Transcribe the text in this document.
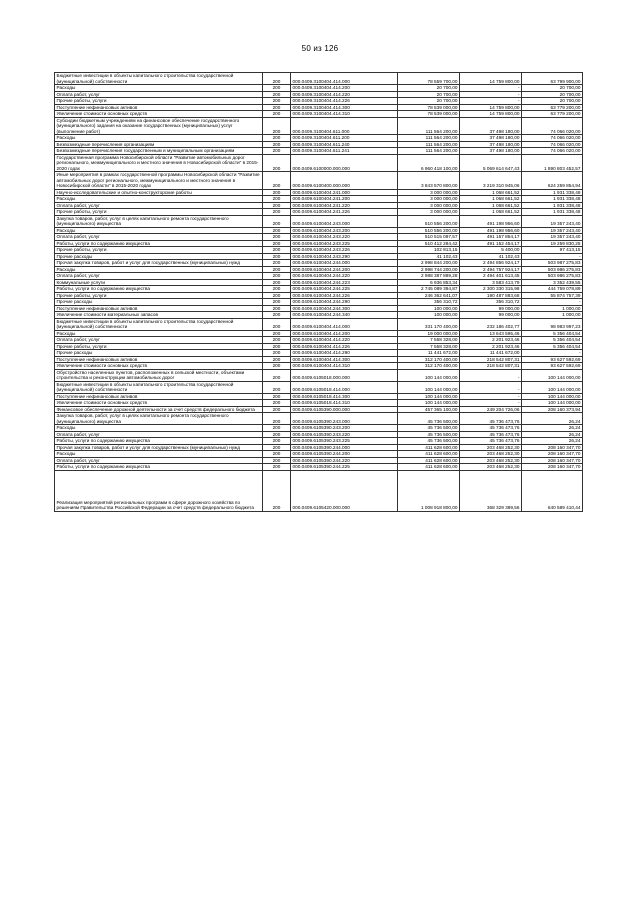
50 из 126
Бюджетные инвестиции в объекты капитального строительства государственной (муниципальной) собственности	200	000.0409.3100404.414.000	78 559 700,00	14 759 800,00	63 799 900,00
Расходы	200	000.0409.3100404.414.200	20 700,00	-	20 700,00
Оплата работ, услуг	200	000.0409.3100404.414.220	20 700,00	-	20 700,00
Прочие работы, услуги	200	000.0409.3100404.414.226	20 700,00	-	20 700,00
Поступление нефинансовых активов	200	000.0409.3100404.414.300	78 539 000,00	14 759 800,00	63 779 200,00
Увеличение стоимости основных средств	200	000.0409.3100404.414.310	78 539 000,00	14 759 800,00	63 779 200,00
Субсидии бюджетным учреждениям на финансовое обеспечение государственного (муниципального) задания на оказание государственных (муниципальных) услуг (выполнение работ)	200	000.0409.3100404.611.000	111 564 200,00	37 498 180,00	74 066 020,00
Расходы	200	000.0409.3100404.611.200	111 564 200,00	37 498 180,00	74 066 020,00
Безвозмездные перечисления организациям	200	000.0409.3100404.611.240	111 564 200,00	37 498 180,00	74 066 020,00
Безвозмездные перечисления государственным и муниципальным организациям	200	000.0409.3100404.611.241	111 564 200,00	37 498 180,00	74 066 020,00
Государственная программа Новосибирской области "Развитие автомобильных дорог регионального, межмуниципального и местного значения в Новосибирской области" в 2015-2020 годах	200	000.0409.6100000.000.000	6 960 418 100,00	5 069 614 647,43	1 890 803 452,57
Иные мероприятия в рамках государственной программы Новосибирской области "Развитие автомобильных дорог регионального, межмуниципального и местного значения в Новосибирской области" в 2015-2020 годах	200	000.0409.6100400.000.000	3 843 570 800,00	3 219 310 945,06	624 259 854,94
Научно-исследовательские и опытно-конструкторские работы	200	000.0409.6100404.241.000	3 000 000,00	1 068 661,52	1 931 338,48
Расходы	200	000.0409.6100404.241.200	3 000 000,00	1 068 661,52	1 931 338,48
Оплата работ, услуг	200	000.0409.6100404.241.220	3 000 000,00	1 068 661,52	1 931 338,48
Прочие работы, услуги	200	000.0409.6100404.241.226	3 000 000,00	1 068 661,52	1 931 338,48
Закупка товаров, работ, услуг в целях капитального ремонта государственного (муниципального) имущества	200	000.0409.6100404.243.000	510 556 200,00	491 198 956,60	19 357 243,40
Расходы	200	000.0409.6100404.243.200	510 556 200,00	491 198 956,60	19 357 243,40
Оплата работ, услуг	200	000.0409.6100404.243.220	510 515 097,57	491 157 854,17	19 357 243,40
Работы, услуги по содержанию имущества	200	000.0409.6100404.243.225	510 412 284,42	491 152 454,17	19 259 830,25
Прочие работы, услуги	200	000.0409.6100404.243.226	102 813,15	5 400,00	97 413,15
Прочие расходы	200	000.0409.6100404.243.290	41 102,43	41 102,43	-
Прочая закупка товаров, работ и услуг для государственных (муниципальных) нужд	200	000.0409.6100404.244.000	2 998 844 200,00	2 494 856 924,17	503 987 275,83
Расходы	200	000.0409.6100404.244.200	2 998 744 200,00	2 494 757 924,17	503 986 275,83
Оплата работ, услуг	200	000.0409.6100404.244.220	2 988 387 889,28	2 494 401 613,45	503 986 275,83
Коммунальные услуги	200	000.0409.6100404.244.223	6 936 853,34	3 583 413,79	3 352 439,55
Работы, услуги по содержанию имущества	200	000.0409.6100404.244.225	2 745 089 394,87	2 300 330 315,98	444 759 078,89
Прочие работы, услуги	200	000.0409.6100404.244.226	246 362 641,07	190 487 883,68	55 874 757,39
Прочие расходы	200	000.0409.6100404.244.290	356 310,72	356 310,72	-
Поступление нефинансовых активов	200	000.0409.6100404.244.300	100 000,00	99 000,00	1 000,00
Увеличение стоимости материальных запасов	200	000.0409.6100404.244.340	100 000,00	99 000,00	1 000,00
Бюджетные инвестиции в объекты капитального строительства государственной (муниципальной) собственности	200	000.0409.6100404.414.000	331 170 400,00	232 186 402,77	98 983 997,23
Расходы	200	000.0409.6100404.414.200	19 000 000,00	13 643 595,46	5 356 404,54
Оплата работ, услуг	200	000.0409.6100404.414.220	7 558 328,00	2 201 923,46	5 356 404,54
Прочие работы, услуги	200	000.0409.6100404.414.226	7 558 328,00	2 201 923,46	5 356 404,54
Прочие расходы	200	000.0409.6100404.414.290	11 441 672,00	11 441 672,00	-
Поступление нефинансовых активов	200	000.0409.6100404.414.300	312 170 400,00	218 542 807,31	93 627 592,69
Увеличение стоимости основных средств	200	000.0409.6100404.414.310	312 170 400,00	218 542 807,31	93 627 592,69
Обустройство населенных пунктов, расположенных в сельской местности, объектами строительства и реконструкции автомобильных дорог	200	000.0409.6105018.000.000	100 144 000,00	-	100 144 000,00
Бюджетные инвестиции в объекты капитального строительства государственной (муниципальной) собственности	200	000.0409.6105018.414.000	100 144 000,00	-	100 144 000,00
Поступление нефинансовых активов	200	000.0409.6105018.414.300	100 144 000,00	-	100 144 000,00
Увеличение стоимости основных средств	200	000.0409.6105018.414.310	100 144 000,00	-	100 144 000,00
Финансовое обеспечение дорожной деятельности за счет средств федерального бюджета	200	000.0409.6105390.000.000	457 365 100,00	249 204 726,06	208 160 373,94
Закупка товаров, работ, услуг в целях капитального ремонта государственного (муниципального) имущества	200	000.0409.6105390.243.000	45 736 500,00	45 736 473,76	26,24
Расходы	200	000.0409.6105390.243.200	45 736 500,00	45 736 473,76	26,24
Оплата работ, услуг	200	000.0409.6105390.243.220	45 736 500,00	45 736 473,76	26,24
Работы, услуги по содержанию имущества	200	000.0409.6105390.243.225	45 736 500,00	45 736 473,76	26,24
Прочая закупка товаров, работ и услуг для государственных (муниципальных) нужд	200	000.0409.6105390.244.000	411 628 600,00	203 468 252,30	208 160 347,70
Расходы	200	000.0409.6105390.244.200	411 628 600,00	203 468 252,30	208 160 347,70
Оплата работ, услуг	200	000.0409.6105390.244.220	411 628 600,00	203 468 252,30	208 160 347,70
Работы, услуги по содержанию имущества	200	000.0409.6105390.244.225	411 628 600,00	203 468 252,30	208 160 347,70
Реализация мероприятий региональных программ в сфере дорожного хозяйства по решениям Правительства Российской Федерации за счет средств федерального бюджета	200	000.0409.6105420.000.000	1 008 918 800,00	368 329 389,56	640 589 410,44
